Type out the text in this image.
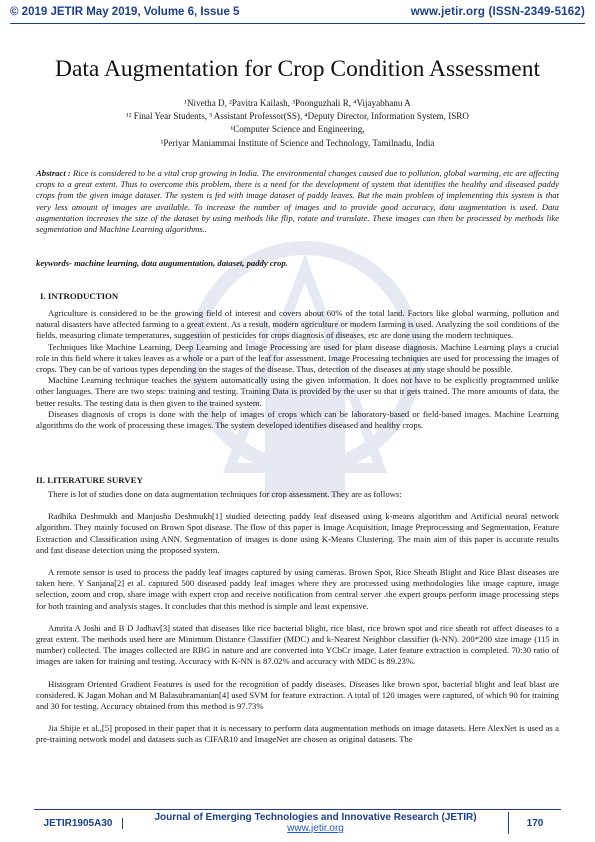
© 2019 JETIR May 2019, Volume 6, Issue 5	www.jetir.org (ISSN-2349-5162)
JETIR
Data Augmentation for Crop Condition Assessment
¹Nivetha D, ²Pavitra Kailash, ³Poonguzhali R, ⁴Vijayabhanu A
¹² Final Year Students, ³ Assistant Professor(SS), ⁴Deputy Director, Information System, ISRO
¹Computer Science and Engineering,
¹Periyar Maniammai Institute of Science and Technology, Tamilnadu, India
Abstract : Rice is considered to be a vital crop growing in India. The environmental changes caused due to pollution, global warming, etc are affecting crops to a great extent. Thus to overcome this problem, there is a need for the development of system that identifies the healthy and diseased paddy crops from the given image dataset. The system is fed with image dataset of paddy leaves. But the main problem of implementing this system is that very less amount of images are available. To increase the number of images and to provide good accuracy, data augmentation is used. Data augmentation increases the size of the dataset by using methods like flip, rotate and translate. These images can then be processed by methods like segmentation and Machine Learning algorithms..
keywords- machine learning, data augumentation, dataset, paddy crop.
I. INTRODUCTION

Agriculture is considered to be the growing field of interest and covers about 60% of the total land. Factors like global warming, pollution and natural disasters have affected farming to a great extent. As a result, modern agriculture or modern farming is used. Analyzing the soil conditions of the fields, measuring climate temperatures, suggestion of pesticides for crops diagnosis of diseases, etc are done using the modern techniques.

Techniques like Machine Learning, Deep Learning and Image Processing are used for plant disease diagnosis. Machine Learning plays a crucial role in this field where it takes leaves as a whole or a part of the leaf for assessment. Image Processing techniques are used for processing the images of crops. They can be of various types depending on the stages of the disease. Thus, detection of the diseases at any stage should be possible.

Machine Learning technique teaches the system automatically using the given information. It does not have to be explicitly programmed unlike other languages. There are two steps: training and testing. Training Data is provided by the user so that it gets trained. The more amounts of data, the better results. The testing data is then given to the trained system.

Diseases diagnosis of crops is done with the help of images of crops which can be laboratory-based or field-based images. Machine Learning algorithms do the work of processing these images. The system developed identifies diseased and healthy crops.

II. LITERATURE SURVEY

There is lot of studies done on data augmentation techniques for crop assessment. They are as follows:

Radhika Deshmukh and Manjusha Deshmukh[1] studied detecting paddy leaf diseased using k-means algorithm and Artificial neural network algorithm. They mainly focused on Brown Spot disease. The flow of this paper is Image Acquisition, Image Preprocessing and Segmentation, Feature Extraction and Classification using ANN. Segmentation of images is done using K-Means Clustering. The main aim of this paper is accurate results and fast disease detection using the proposed system.

A remote sensor is used to process the paddy leaf images captured by using cameras. Brown Spot, Rice Sheath Blight and Rice Blast diseases are taken here. Y Sanjana[2] et al. captured 500 diseased paddy leaf images where they are processed using methodologies like image capture, image selection, zoom and crop, share image with expert crop and receive notification from central server .the expert groups perform image processing steps for both training and analysis stages. It concludes that this method is simple and least expensive.

Amrita A Joshi and B D Jadhav[3] stated that diseases like rice bacterial blight, rice blast, rice brown spot and rice sheath rot affect diseases to a great extent. The methods used here are Minimum Distance Classifier (MDC) and k-Nearest Neighbor classifier (k-NN). 200*200 size image (115 in number) collected. The images collected are RBG in nature and are converted into YCbCr image. Later feature extraction is completed. 70:30 ratio of images are taken for training and testing. Accuracy with K-NN is 87.02% and accuracy with MDC is 89.23%.

Histogram Oriented Gradient Features is used for the recognition of paddy diseases. Diseases like brown spot, bacterial blight and leaf blast are considered. K Jagan Mohan and M Balasubramanian[4] used SVM for feature extraction. A total of 120 images were captured, of which 90 for training and 30 for testing. Accuracy obtained from this method is 97.73%

Jia Shijie et al.,[5] proposed in their paper that it is necessary to perform data augmentation methods on image datasets. Here AlexNet is used as a pre-training network model and datasets such as CIFAR10 and ImageNet are chosen as original datasets. The

JETIR1905A30	Journal of Emerging Technologies and Innovative Research (JETIR) www.jetir.org	170
